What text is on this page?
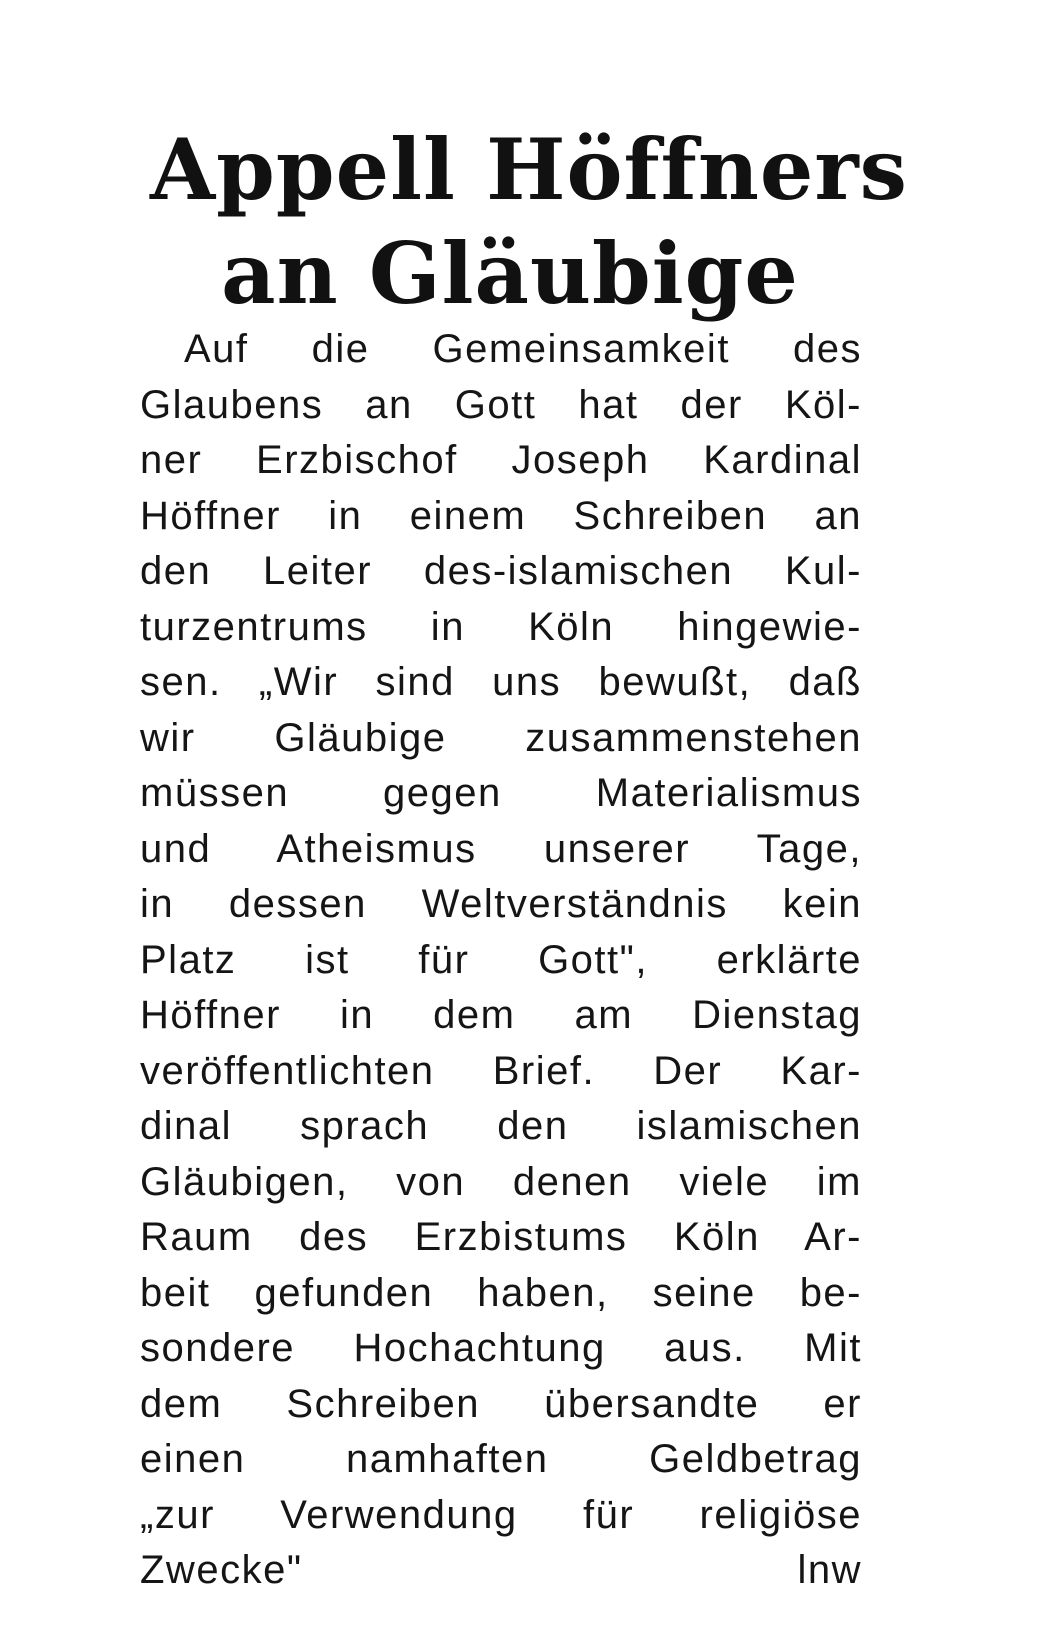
Appell Höffners
an Gläubige
Auf die Gemeinsamkeit des
Glaubens an Gott hat der Köl-
ner Erzbischof Joseph Kardinal
Höffner in einem Schreiben an
den Leiter des-islamischen Kul-
turzentrums in Köln hingewie-
sen. „Wir sind uns bewußt, daß
wir Gläubige zusammenstehen
müssen gegen Materialismus
und Atheismus unserer Tage,
in dessen Weltverständnis kein
Platz ist für Gott", erklärte
Höffner in dem am Dienstag
veröffentlichten Brief. Der Kar-
dinal sprach den islamischen
Gläubigen, von denen viele im
Raum des Erzbistums Köln Ar-
beit gefunden haben, seine be-
sondere Hochachtung aus. Mit
dem Schreiben übersandte er
einen namhaften Geldbetrag
„zur Verwendung für religiöse
Zwecke"	lnw
